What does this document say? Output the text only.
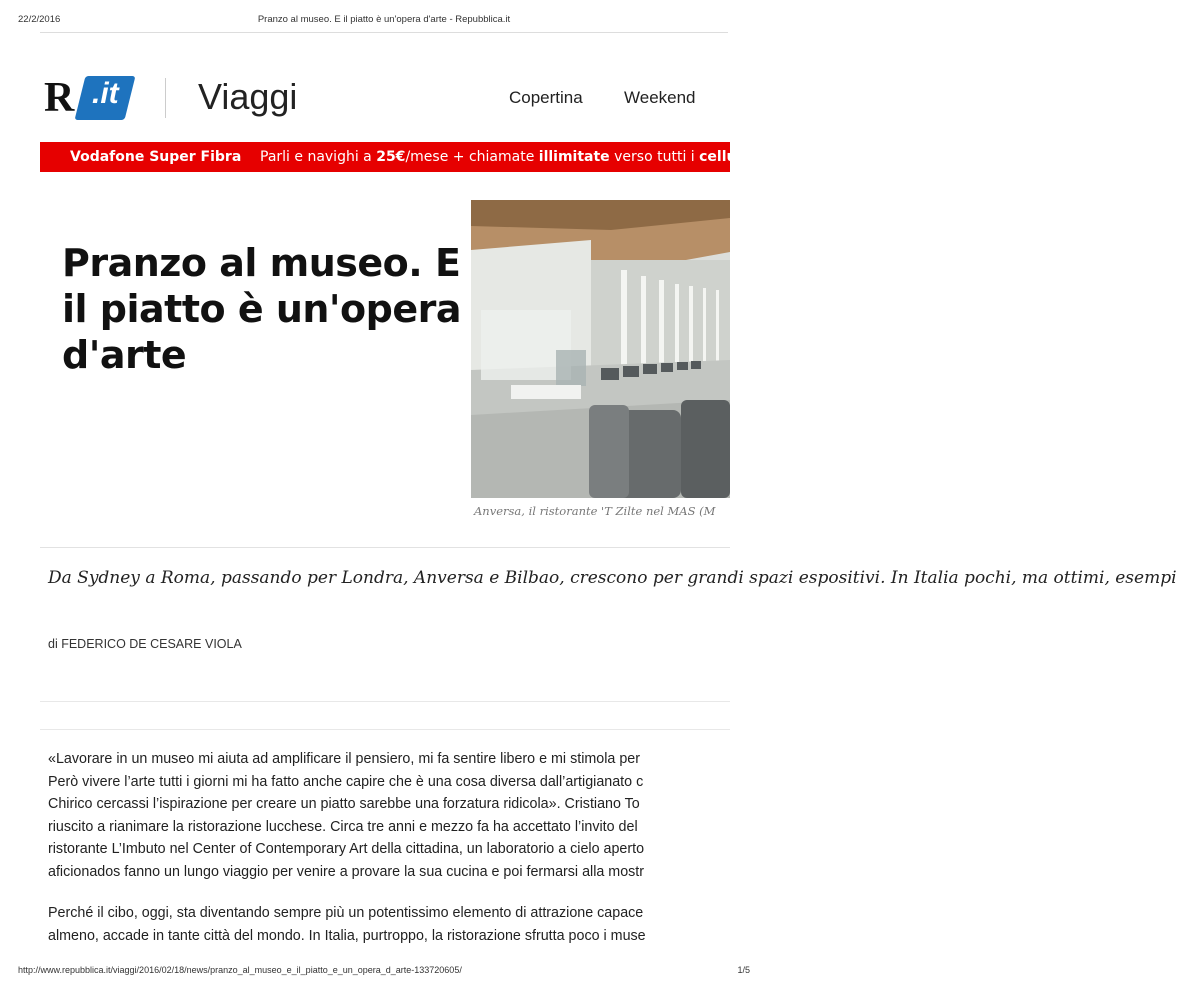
22/2/2016	Pranzo al museo. E il piatto è un'opera d'arte - Repubblica.it
R .it Viaggi	Copertina Weekend
Vodafone Super Fibra Parli e navighi a 25€/mese + chiamate illimitate verso tutti i cellula
Pranzo al museo. E il piatto è un'opera d'arte
Anversa, il ristorante 'T Zilte nel MAS (M
Da Sydney a Roma, passando per Londra, Anversa e Bilbao, crescono per grandi spazi espositivi. In Italia pochi, ma ottimi, esempi
di FEDERICO DE CESARE VIOLA

«Lavorare in un museo mi aiuta ad amplificare il pensiero, mi fa sentire libero e mi stimola per
Però vivere l’arte tutti i giorni mi ha fatto anche capire che è una cosa diversa dall’artigianato c
Chirico cercassi l’ispirazione per creare un piatto sarebbe una forzatura ridicola». Cristiano To
riuscito a rianimare la ristorazione lucchese. Circa tre anni e mezzo fa ha accettato l’invito del
ristorante L’Imbuto nel Center of Contemporary Art della cittadina, un laboratorio a cielo aperto
aficionados fanno un lungo viaggio per venire a provare la sua cucina e poi fermarsi alla mostr

Perché il cibo, oggi, sta diventando sempre più un potentissimo elemento di attrazione capace
almeno, accade in tante città del mondo. In Italia, purtroppo, la ristorazione sfrutta poco i muse

http://www.repubblica.it/viaggi/2016/02/18/news/pranzo_al_museo_e_il_piatto_e_un_opera_d_arte-133720605/	1/5
